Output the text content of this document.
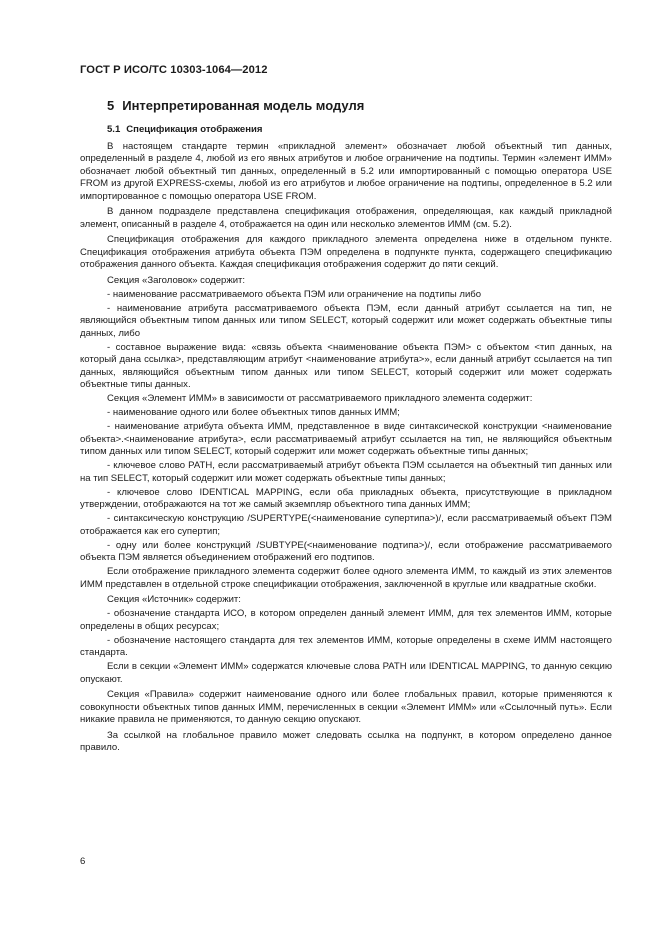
ГОСТ Р ИСО/ТС 10303-1064—2012
5 Интерпретированная модель модуля
5.1 Спецификация отображения

В настоящем стандарте термин «прикладной элемент» обозначает любой объектный тип данных, определенный в разделе 4, любой из его явных атрибутов и любое ограничение на подтипы. Термин «элемент ИММ» обозначает любой объектный тип данных, определенный в 5.2 или импортированный с помощью оператора USE FROM из другой EXPRESS-схемы, любой из его атрибутов и любое ограничение на подтипы, определенное в 5.2 или импортированное с помощью оператора USE FROM.

В данном подразделе представлена спецификация отображения, определяющая, как каждый прикладной элемент, описанный в разделе 4, отображается на один или несколько элементов ИММ (см. 5.2).

Спецификация отображения для каждого прикладного элемента определена ниже в отдельном пункте. Спецификация отображения атрибута объекта ПЭМ определена в подпункте пункта, содержащего спецификацию отображения данного объекта. Каждая спецификация отображения содержит до пяти секций.

Секция «Заголовок» содержит:

- наименование рассматриваемого объекта ПЭМ или ограничение на подтипы либо

- наименование атрибута рассматриваемого объекта ПЭМ, если данный атрибут ссылается на тип, не являющийся объектным типом данных или типом SELECT, который содержит или может содержать объектные типы данных, либо

- составное выражение вида: «связь объекта <наименование объекта ПЭМ> с объектом <тип данных, на который дана ссылка>, представляющим атрибут <наименование атрибута>», если данный атрибут ссылается на тип данных, являющийся объектным типом данных или типом SELECT, который содержит или может содержать объектные типы данных.

Секция «Элемент ИММ» в зависимости от рассматриваемого прикладного элемента содержит:

- наименование одного или более объектных типов данных ИММ;

- наименование атрибута объекта ИММ, представленное в виде синтаксической конструкции <наименование объекта>.<наименование атрибута>, если рассматриваемый атрибут ссылается на тип, не являющийся объектным типом данных или типом SELECT, который содержит или может содержать объектные типы данных;

- ключевое слово PATH, если рассматриваемый атрибут объекта ПЭМ ссылается на объектный тип данных или на тип SELECT, который содержит или может содержать объектные типы данных;

- ключевое слово IDENTICAL MAPPING, если оба прикладных объекта, присутствующие в прикладном утверждении, отображаются на тот же самый экземпляр объектного типа данных ИММ;

- синтаксическую конструкцию /SUPERTYPE(<наименование супертипа>)/, если рассматриваемый объект ПЭМ отображается как его супертип;

- одну или более конструкций /SUBTYPE(<наименование подтипа>)/, если отображение рассматриваемого объекта ПЭМ является объединением отображений его подтипов.

Если отображение прикладного элемента содержит более одного элемента ИММ, то каждый из этих элементов ИММ представлен в отдельной строке спецификации отображения, заключенной в круглые или квадратные скобки.

Секция «Источник» содержит:

- обозначение стандарта ИСО, в котором определен данный элемент ИММ, для тех элементов ИММ, которые определены в общих ресурсах;

- обозначение настоящего стандарта для тех элементов ИММ, которые определены в схеме ИММ настоящего стандарта.

Если в секции «Элемент ИММ» содержатся ключевые слова PATH или IDENTICAL MAPPING, то данную секцию опускают.

Секция «Правила» содержит наименование одного или более глобальных правил, которые применяются к совокупности объектных типов данных ИММ, перечисленных в секции «Элемент ИММ» или «Ссылочный путь». Если никакие правила не применяются, то данную секцию опускают.

За ссылкой на глобальное правило может следовать ссылка на подпункт, в котором определено данное правило.

6
